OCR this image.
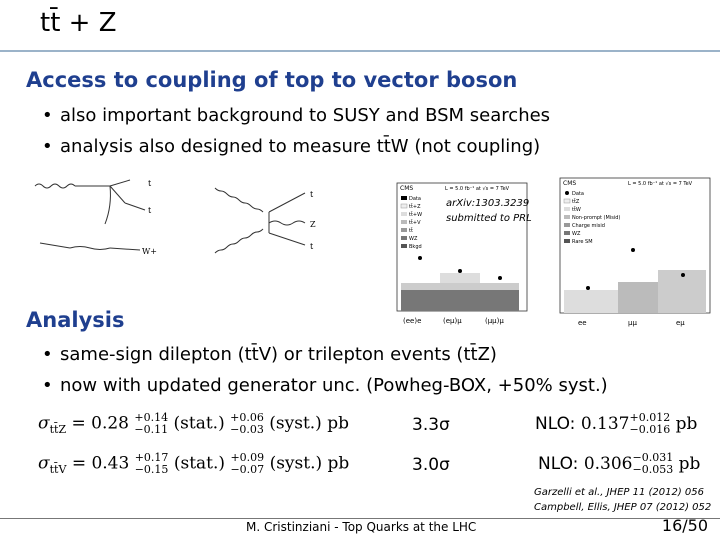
tt̄ + Z
Access to coupling of top to vector boson
• also important background to SUSY and BSM searches
• analysis also designed to measure tt̄W (not coupling)
t
t
W+
t
Z
t
CMS	L = 5.0 fb⁻¹ at √s = 7 TeV
Data
tt̄+Z
tt̄+W
tt̄+V
tt̄
WZ
Bkgd
(ee)e	(eμ)μ	(μμ)μ
arXiv:1303.3239
submitted to PRL
CMS	L = 5.0 fb⁻¹ at √s = 7 TeV
Data
tt̄Z
tt̄W
Non-prompt (Misid)
Charge misid
WZ
Rare SM
ee	μμ	eμ
Analysis
• same-sign dilepton (tt̄V) or trilepton events (tt̄Z)
• now with updated generator unc. (Powheg-BOX, +50% syst.)
$\sigma_{tt̄Z} = 0.28 +0.14$
−0.11 (stat.) +0.06
−0.03 (syst.) pb	3.3σ	NLO: 0.137+0.012
−0.016 pb
$\sigma_{tt̄V} = 0.43 +0.17$
−0.15 (stat.) +0.09
−0.07 (syst.) pb	3.0σ	NLO: 0.306−0.031
−0.053 pb
Garzelli et al., JHEP 11 (2012) 056
Campbell, Ellis, JHEP 07 (2012) 052
M. Cristinziani - Top Quarks at the LHC	16/50
